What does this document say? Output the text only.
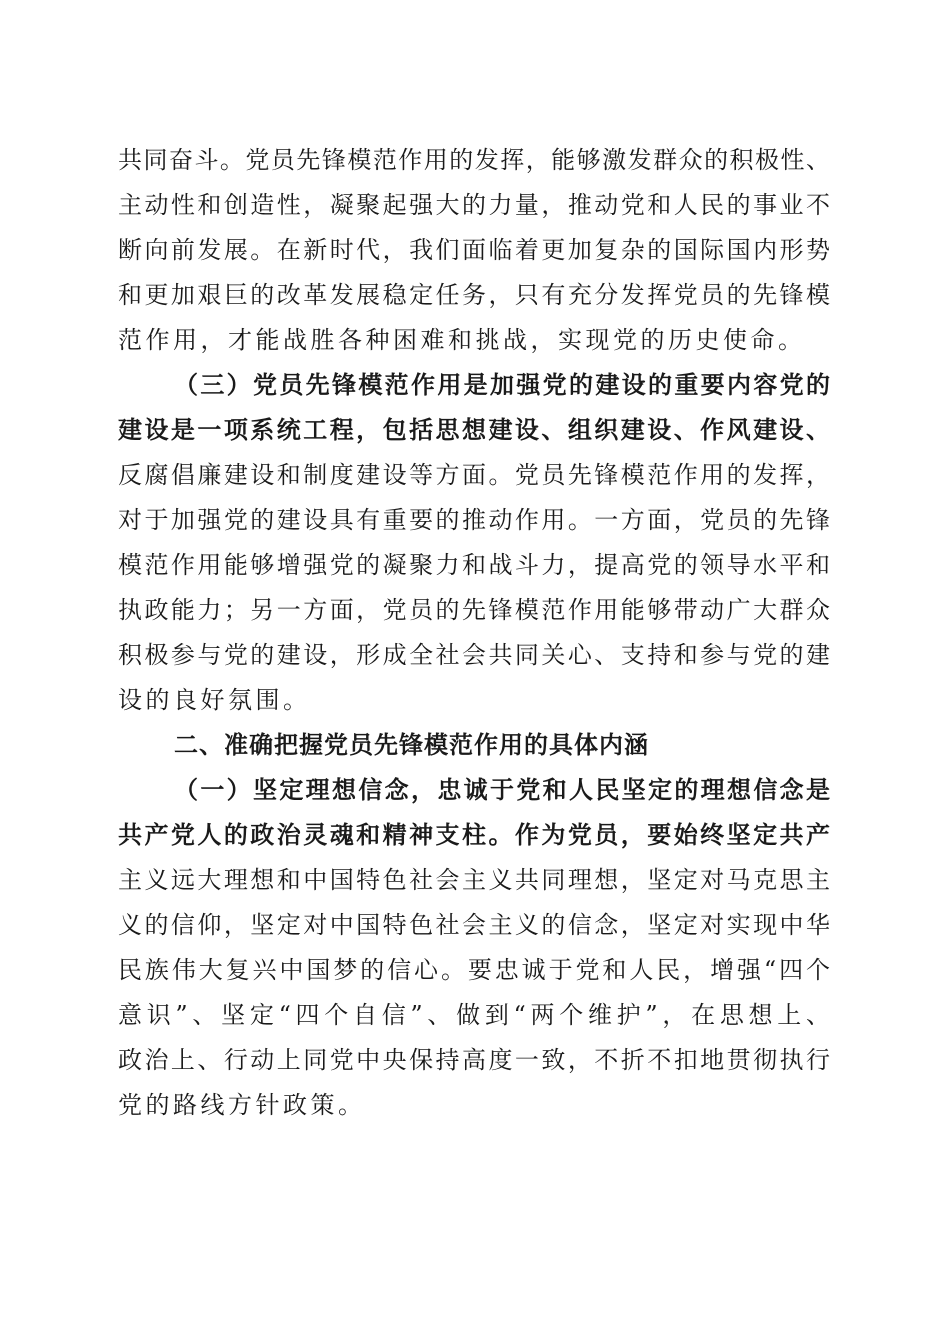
共同奋斗。党员先锋模范作用的发挥，能够激发群众的积极性、
主动性和创造性，凝聚起强大的力量，推动党和人民的事业不
断向前发展。在新时代，我们面临着更加复杂的国际国内形势
和更加艰巨的改革发展稳定任务，只有充分发挥党员的先锋模
范作用，才能战胜各种困难和挑战，实现党的历史使命。
（三）党员先锋模范作用是加强党的建设的重要内容党的
建设是一项系统工程，包括思想建设、组织建设、作风建设、
反腐倡廉建设和制度建设等方面。党员先锋模范作用的发挥，
对于加强党的建设具有重要的推动作用。一方面，党员的先锋
模范作用能够增强党的凝聚力和战斗力，提高党的领导水平和
执政能力；另一方面，党员的先锋模范作用能够带动广大群众
积极参与党的建设，形成全社会共同关心、支持和参与党的建
设的良好氛围。
二、准确把握党员先锋模范作用的具体内涵
（一）坚定理想信念，忠诚于党和人民坚定的理想信念是
共产党人的政治灵魂和精神支柱。作为党员，要始终坚定共产
主义远大理想和中国特色社会主义共同理想，坚定对马克思主
义的信仰，坚定对中国特色社会主义的信念，坚定对实现中华
民族伟大复兴中国梦的信心。要忠诚于党和人民，增强“四个
意识”、坚定“四个自信”、做到“两个维护”，在思想上、
政治上、行动上同党中央保持高度一致，不折不扣地贯彻执行
党的路线方针政策。
